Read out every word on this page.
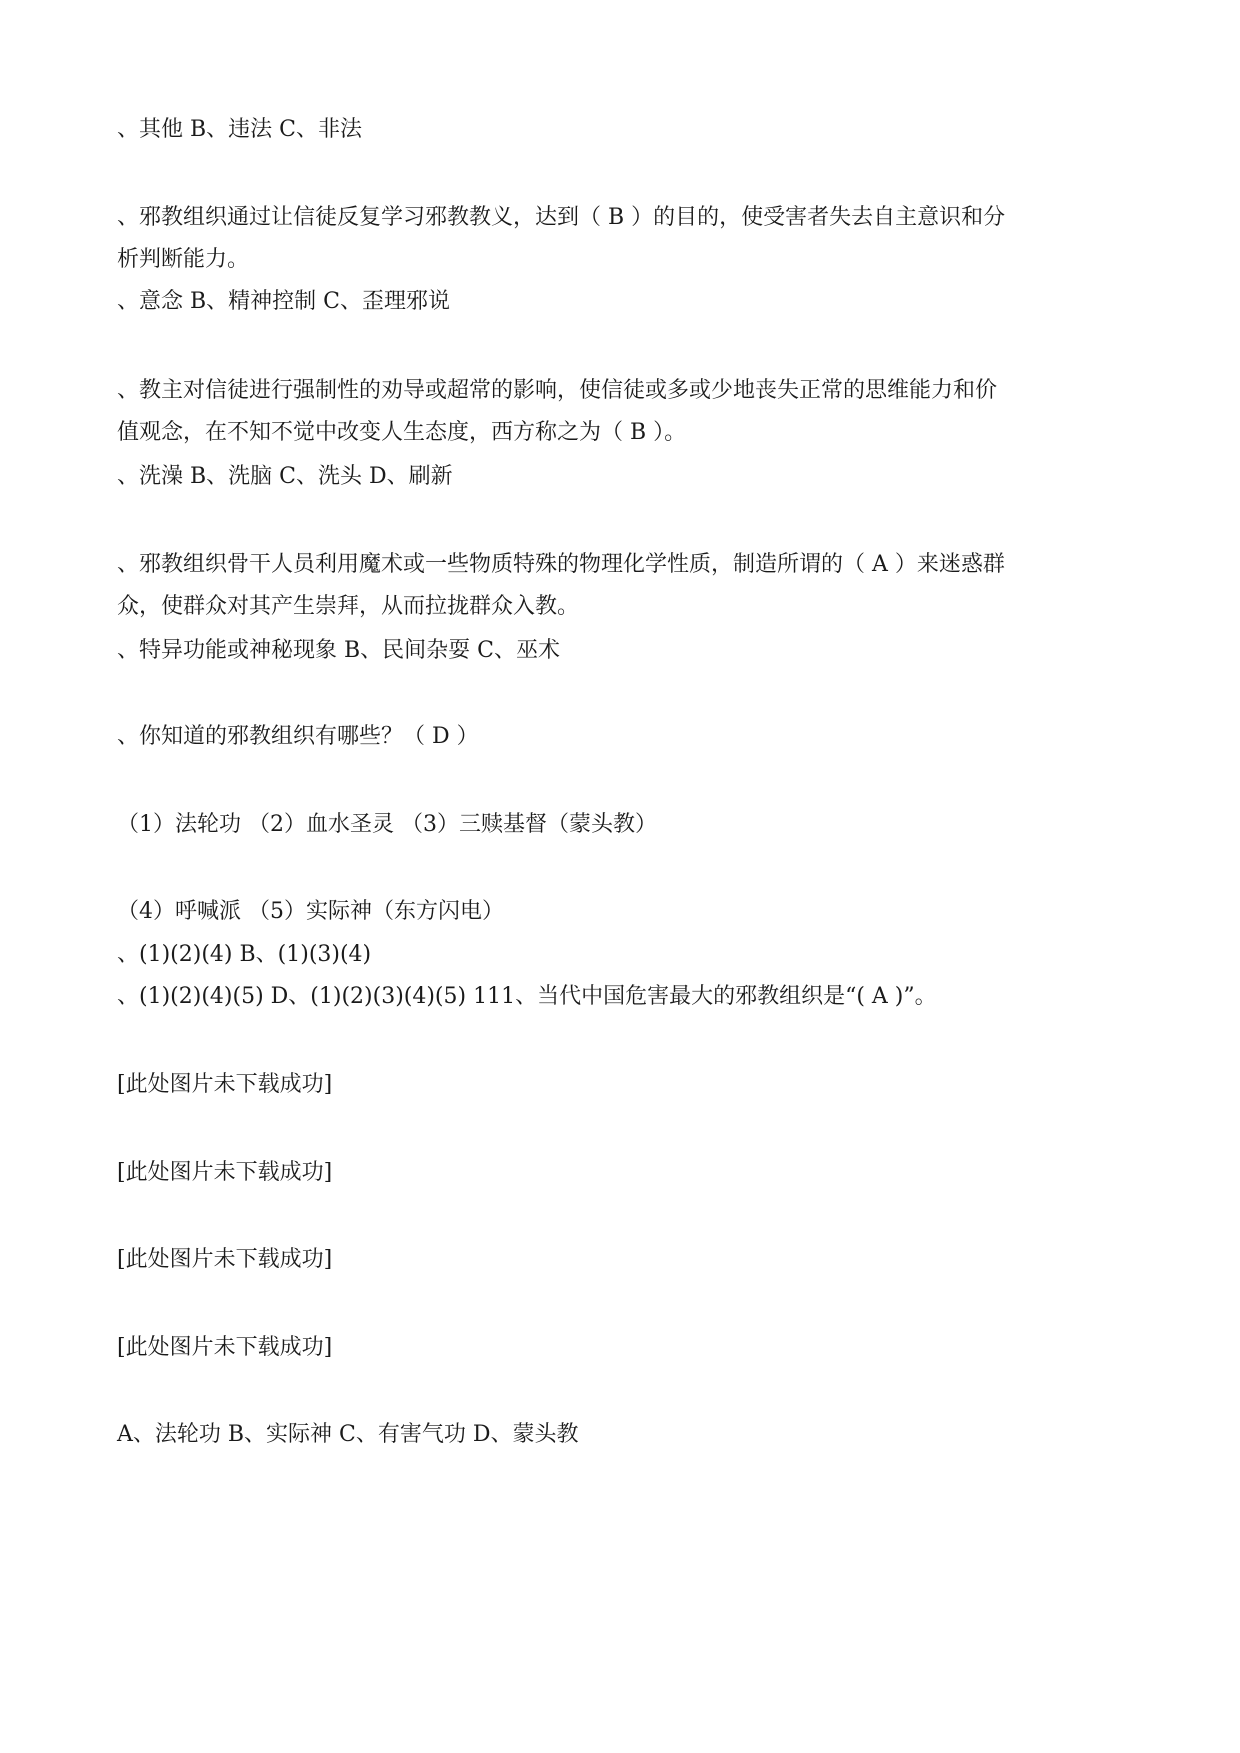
、其他 B、违法 C、非法
、邪教组织通过让信徒反复学习邪教教义，达到（ B ）的目的，使受害者失去自主意识和分
析判断能力。
、意念 B、精神控制 C、歪理邪说
、教主对信徒进行强制性的劝导或超常的影响，使信徒或多或少地丧失正常的思维能力和价
值观念，在不知不觉中改变人生态度，西方称之为（ B ）。
、洗澡 B、洗脑 C、洗头 D、刷新
、邪教组织骨干人员利用魔术或一些物质特殊的物理化学性质，制造所谓的（ A ）来迷惑群
众，使群众对其产生崇拜，从而拉拢群众入教。
、特异功能或神秘现象 B、民间杂耍 C、巫术
、你知道的邪教组织有哪些？（ D ）
（1）法轮功 （2）血水圣灵 （3）三赎基督（蒙头教）
（4）呼喊派 （5）实际神（东方闪电）
、(1)(2)(4) B、(1)(3)(4)
、(1)(2)(4)(5) D、(1)(2)(3)(4)(5) 111、当代中国危害最大的邪教组织是“( A )”。
[此处图片未下载成功]
[此处图片未下载成功]
[此处图片未下载成功]
[此处图片未下载成功]
A、法轮功 B、实际神 C、有害气功 D、蒙头教
